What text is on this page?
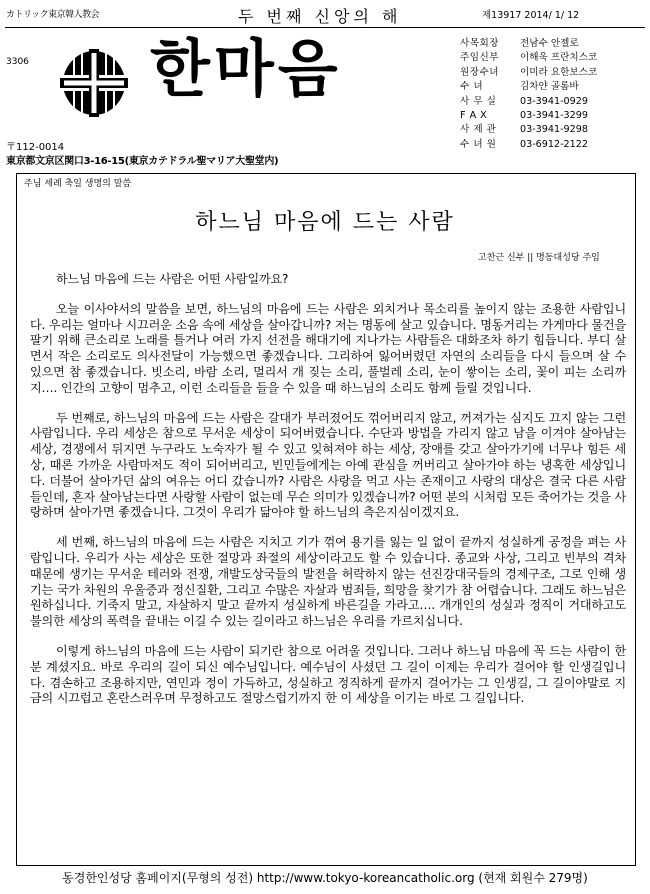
カトリック東京韓人教会	두 번째 신앙의 해	제13917 2014/ 1/ 12
3306 한마음	사목회장 전남수 안젤로
주임신부 이해욱 프란치스코
원장수녀 이미라 요한보스코
수 녀	김차얀 골롬바
사 무 실 03-3941-0929
F A X	03-3941-3299
사 제 관 03-3941-9298
수 녀 원 03-6912-2122
〒112-0014
東京都文京区関口3-16-15(東京カテドラル聖マリア大聖堂内)
주님 세례 축일 생명의 말씀
하느님 마음에 드는 사람
고찬근 신부 || 명동대성당 주임

하느님 마음에 드는 사람은 어떤 사람일까요?

오늘 이사야서의 말씀을 보면, 하느님의 마음에 드는 사람은 외치거나 목소리를 높이지 않는 조용한 사람입니다. 우리는 얼마나 시끄러운 소음 속에 세상을 살아갑니까? 저는 명동에 살고 있습니다. 명동거리는 가게마다 물건을 팔기 위해 큰소리로 노래를 틀거나 여러 가지 선전을 해대기에 지나가는 사람들은 대화조차 하기 힘듭니다. 부디 살면서 작은 소리로도 의사전달이 가능했으면 좋겠습니다. 그리하여 잃어버렸던 자연의 소리들을 다시 들으며 살 수 있으면 참 좋겠습니다. 빗소리, 바람 소리, 멀리서 개 짖는 소리, 풀벌레 소리, 눈이 쌓이는 소리, 꽃이 피는 소리까지…. 인간의 고향이 멈추고, 이런 소리들을 들을 수 있을 때 하느님의 소리도 함께 들릴 것입니다.

두 번째로, 하느님의 마음에 드는 사람은 갈대가 부러졌어도 꺾어버리지 않고, 꺼져가는 심지도 끄지 않는 그런 사람입니다. 우리 세상은 참으로 무서운 세상이 되어버렸습니다. 수단과 방법을 가리지 않고 남을 이겨야 살아남는 세상, 경쟁에서 뒤지면 누구라도 노숙자가 될 수 있고 잊혀져야 하는 세상, 장애를 갖고 살아가기에 너무나 힘든 세상, 때론 가까운 사람마저도 적이 되어버리고, 빈민들에게는 아예 관심을 꺼버리고 살아가야 하는 냉혹한 세상입니다. 더불어 살아가던 삶의 여유는 어디 갔습니까? 사람은 사랑을 먹고 사는 존재이고 사랑의 대상은 결국 다른 사람들인데, 혼자 살아남는다면 사랑할 사람이 없는데 무슨 의미가 있겠습니까? 어떤 분의 시처럼 모든 죽어가는 것을 사랑하며 살아가면 좋겠습니다. 그것이 우리가 닮아야 할 하느님의 측은지심이겠지요.

세 번째, 하느님의 마음에 드는 사람은 지치고 기가 꺾여 용기를 잃는 일 없이 끝까지 성실하게 공정을 펴는 사람입니다. 우리가 사는 세상은 또한 절망과 좌절의 세상이라고도 할 수 있습니다. 종교와 사상, 그리고 빈부의 격차 때문에 생기는 무서운 테러와 전쟁, 개발도상국들의 발전을 허락하지 않는 선진강대국들의 경제구조, 그로 인해 생기는 국가 차원의 우울증과 정신질환, 그리고 수많은 자살과 범죄들, 희망을 찾기가 참 어렵습니다. 그래도 하느님은 원하십니다. 기죽지 말고, 자살하지 말고 끝까지 성실하게 바른길을 가라고…. 개개인의 성실과 정직이 거대하고도 불의한 세상의 폭력을 끝내는 이길 수 있는 길이라고 하느님은 우리를 가르치십니다.

이렇게 하느님의 마음에 드는 사람이 되기란 참으로 어려울 것입니다. 그러나 하느님 마음에 꼭 드는 사람이 한 분 계셨지요. 바로 우리의 길이 되신 예수님입니다. 예수님이 사셨던 그 길이 이제는 우리가 걸어야 할 인생길입니다. 겸손하고 조용하지만, 연민과 정이 가득하고, 성실하고 정직하게 끝까지 걸어가는 그 인생길, 그 길이야말로 지금의 시끄럽고 혼란스러우며 무정하고도 절망스럽기까지 한 이 세상을 이기는 바로 그 길입니다.

동경한인성당 홈페이지(무형의 성전) http://www.tokyo-koreancatholic.org (현재 회원수 279명)
